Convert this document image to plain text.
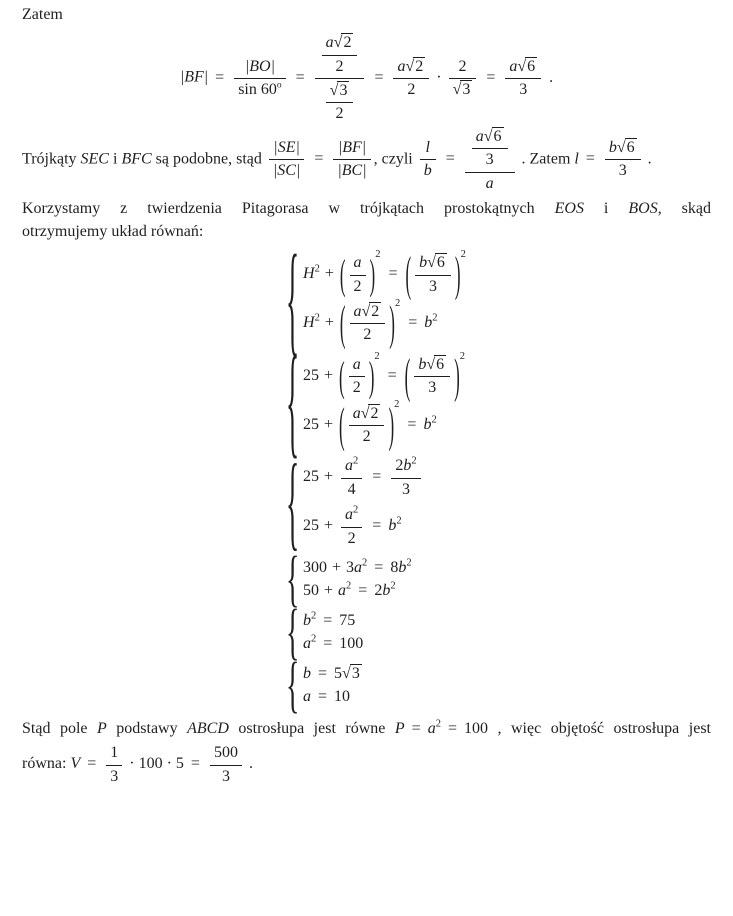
Zatem

$|BF| = \frac{|BO|}{\sin 60^o} = \frac{\frac{a√2}{2}}{\frac{√3}{2}} = \frac{a√2}{2} \cdot \frac{2}{√3} = \frac{a√6}{3}$ .
Trójkąty SEC i BFC są podobne, stąd $\frac{|SE|}{|SC|} = \frac{|BF|}{|BC|}$ , czyli $\frac{l}{b} = \frac{\frac{a√6}{3}}{a}$ . Zatem $l = \frac{b√6}{3}$ .
Korzystamy z twierdzenia Pitagorasa w trójkątach prostokątnych EOS i BOS, skąd
otrzymujemy układ równań: { $H^2$ + ( $\frac{a}{2} )^2=$ ( $\frac{b√6}{3} )^2$
$H^2$ + ( $\frac{a√2}{2} )^2= b^2$
{ 25 + ( $\frac{a}{2} )^2=$ ( $\frac{b√6}{3} )^2$
25 + ( $\frac{a√2}{2} )^2= b^2$
{ $25 + \frac{a^2}{4} = \frac{2b^2}{3}$
$25 + \frac{a^2}{2} = b^2$
{ $300 + 3a^2 = 8b^2$
$50 + a^2 = 2b^2$
{ $b^2 = 75$
$a^2 = 100$
{ b = 5√3
a = 10
Stąd pole P podstawy ABCD ostrosłupa jest równe $P = a^2 = 100$ , więc objętość ostrosłupa jest
równa: $V = \frac{1}{3} \cdot 100 \cdot 5 = \frac{500}{3}$ .
